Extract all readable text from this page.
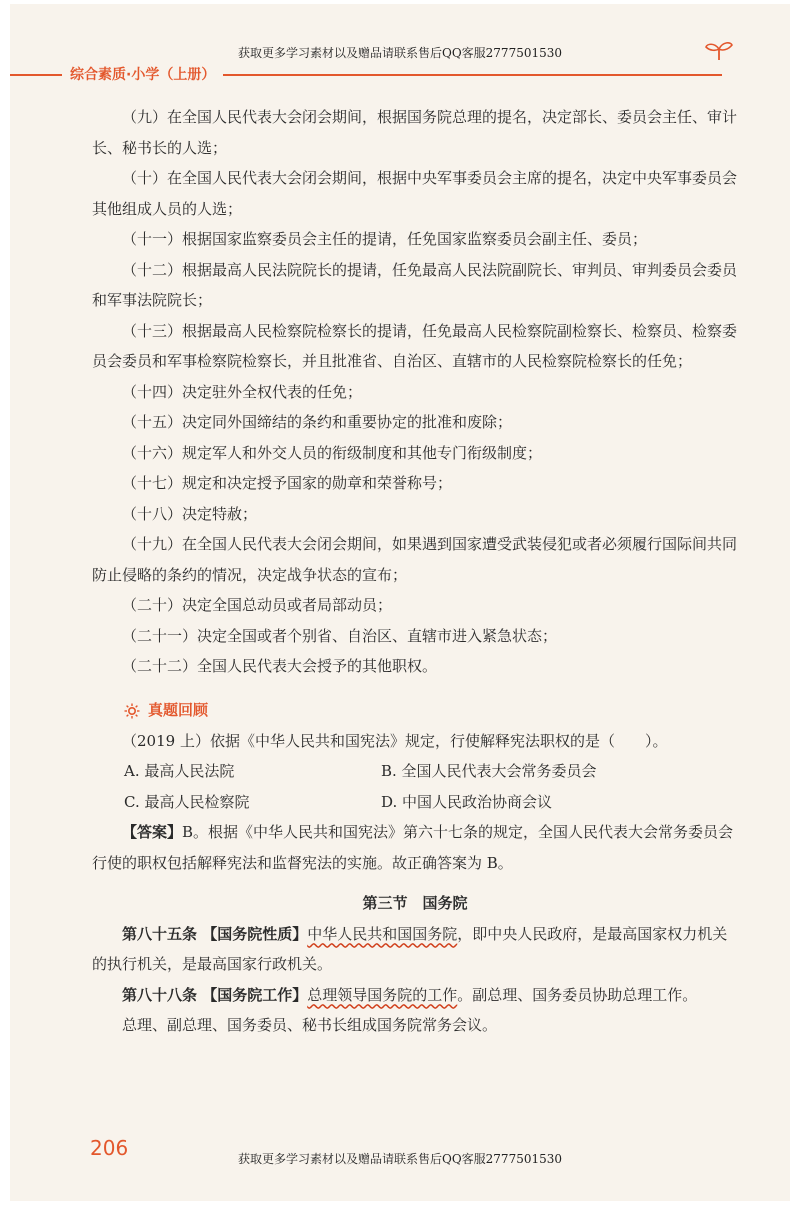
获取更多学习素材以及赠品请联系售后QQ客服2777501530
综合素质·小学（上册）

（九）在全国人民代表大会闭会期间，根据国务院总理的提名，决定部长、委员会主任、审计长、秘书长的人选；

（十）在全国人民代表大会闭会期间，根据中央军事委员会主席的提名，决定中央军事委员会其他组成人员的人选；

（十一）根据国家监察委员会主任的提请，任免国家监察委员会副主任、委员；

（十二）根据最高人民法院院长的提请，任免最高人民法院副院长、审判员、审判委员会委员和军事法院院长；

（十三）根据最高人民检察院检察长的提请，任免最高人民检察院副检察长、检察员、检察委员会委员和军事检察院检察长，并且批准省、自治区、直辖市的人民检察院检察长的任免；

（十四）决定驻外全权代表的任免；

（十五）决定同外国缔结的条约和重要协定的批准和废除；

（十六）规定军人和外交人员的衔级制度和其他专门衔级制度；

（十七）规定和决定授予国家的勋章和荣誉称号；

（十八）决定特赦；

（十九）在全国人民代表大会闭会期间，如果遇到国家遭受武装侵犯或者必须履行国际间共同防止侵略的条约的情况，决定战争状态的宣布；

（二十）决定全国总动员或者局部动员；

（二十一）决定全国或者个别省、自治区、直辖市进入紧急状态；

（二十二）全国人民代表大会授予的其他职权。

真题回顾

（2019 上）依据《中华人民共和国宪法》规定，行使解释宪法职权的是（　　）。

A. 最高人民法院	B. 全国人民代表大会常务委员会
C. 最高人民检察院	D. 中国人民政治协商会议

【答案】B。根据《中华人民共和国宪法》第六十七条的规定，全国人民代表大会常务委员会行使的职权包括解释宪法和监督宪法的实施。故正确答案为 B。

第三节　国务院

第八十五条 【国务院性质】中华人民共和国国务院，即中央人民政府，是最高国家权力机关的执行机关，是最高国家行政机关。

第八十八条 【国务院工作】总理领导国务院的工作。副总理、国务委员协助总理工作。

总理、副总理、国务委员、秘书长组成国务院常务会议。

206	获取更多学习素材以及赠品请联系售后QQ客服2777501530
